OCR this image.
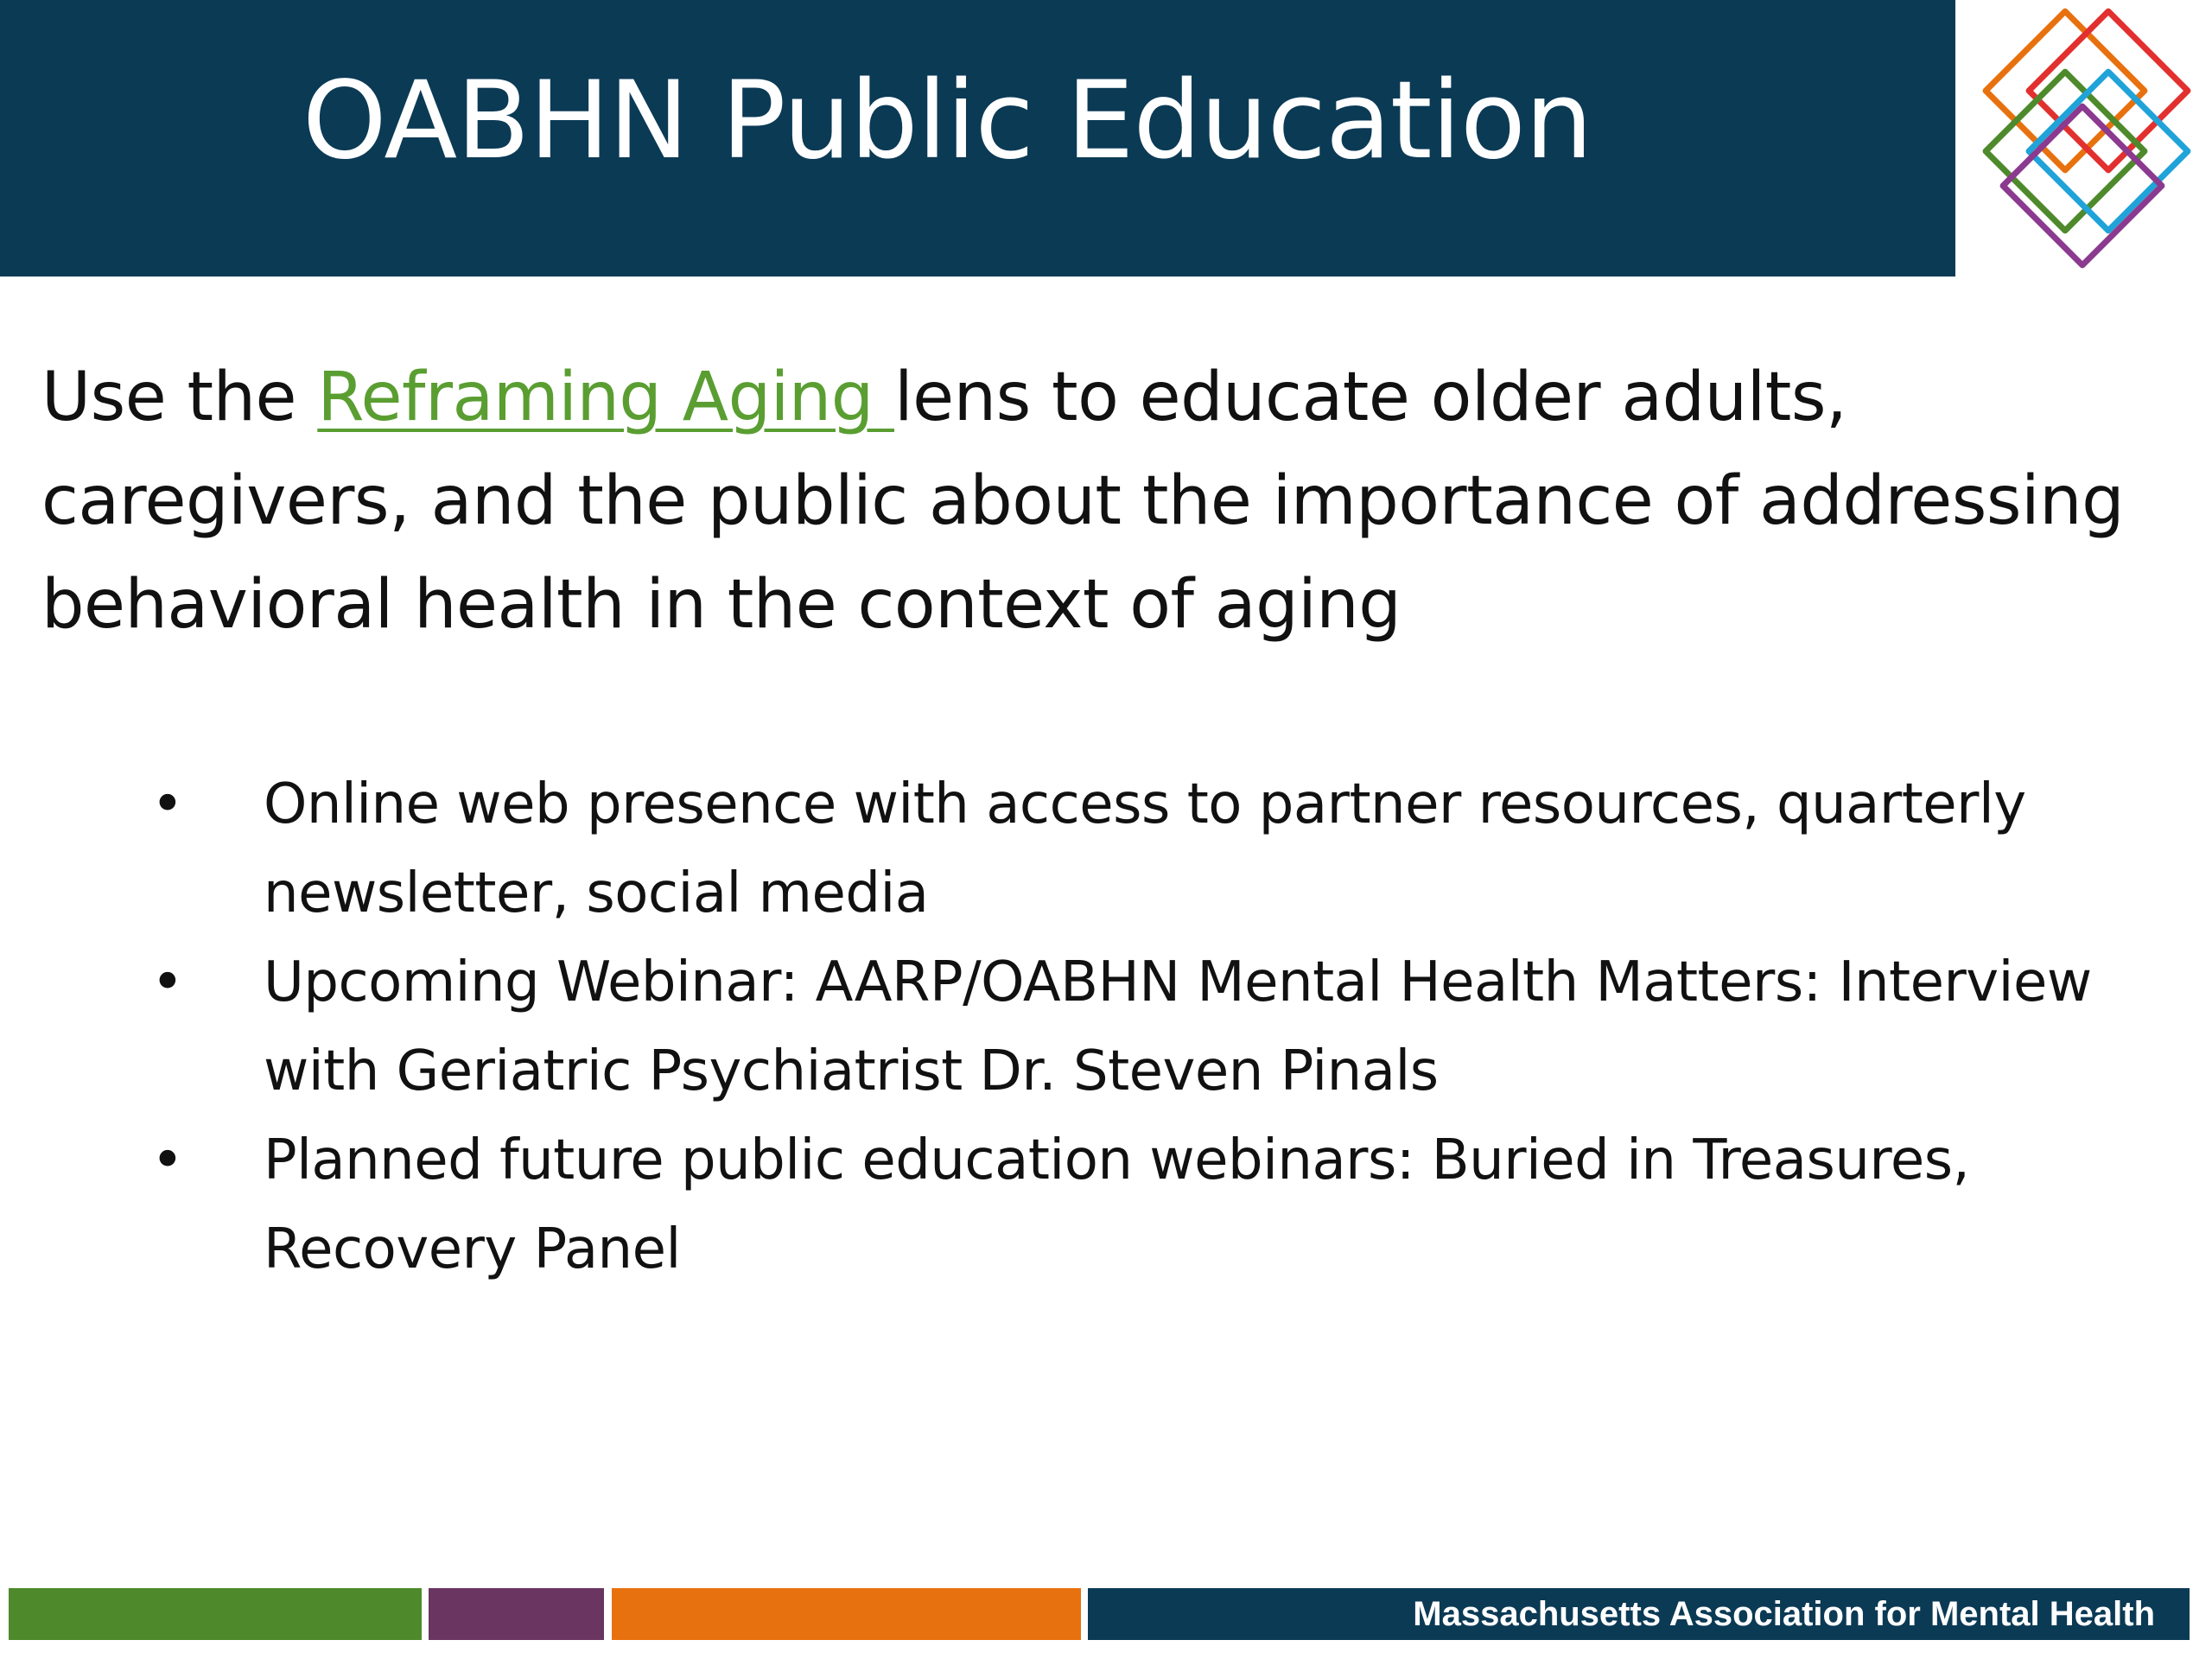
OABHN Public Education
Use the Reframing Aging lens to educate older adults, caregivers, and the public about the importance of addressing behavioral health in the context of aging
• Online web presence with access to partner resources, quarterly newsletter, social media
• Upcoming Webinar: AARP/OABHN Mental Health Matters: Interview with Geriatric Psychiatrist Dr. Steven Pinals
• Planned future public education webinars: Buried in Treasures, Recovery Panel
Massachusetts Association for Mental Health
